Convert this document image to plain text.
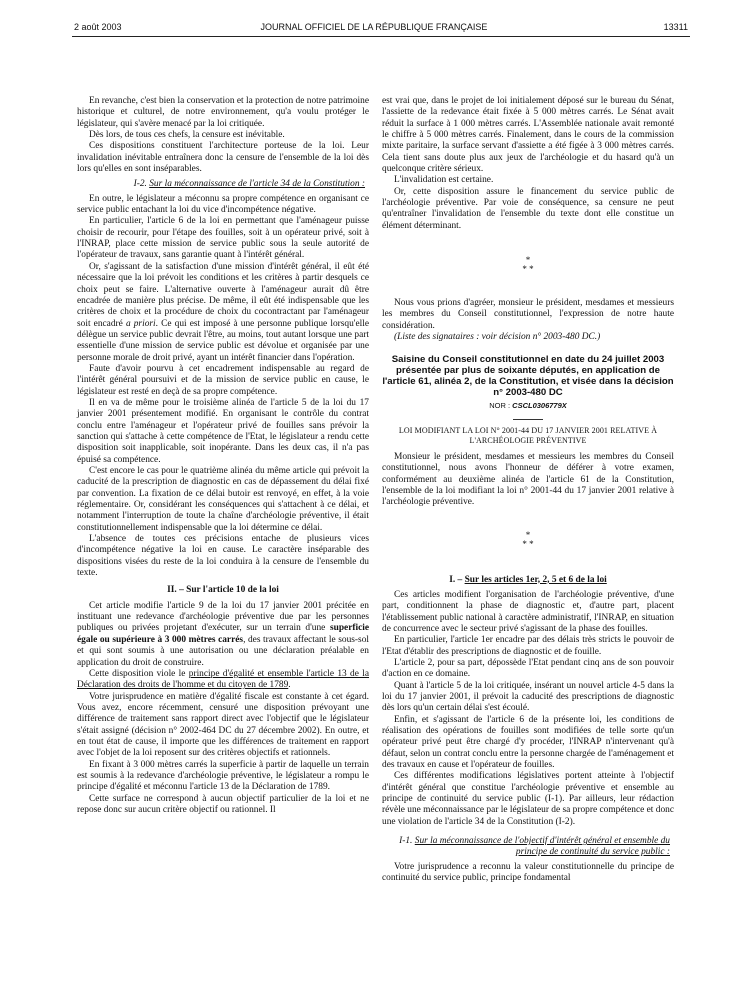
2 août 2003	JOURNAL OFFICIEL DE LA RÉPUBLIQUE FRANÇAISE	13311

En revanche, c'est bien la conservation et la protection de notre patrimoine historique et culturel, de notre environnement, qu'a voulu protéger le législateur, qui s'avère menacé par la loi critiquée.

Dès lors, de tous ces chefs, la censure est inévitable.

Ces dispositions constituent l'architecture porteuse de la loi. Leur invalidation inévitable entraînera donc la censure de l'ensemble de la loi dès lors qu'elles en sont inséparables.

I-2. Sur la méconnaissance de l'article 34 de la Constitution :

En outre, le législateur a méconnu sa propre compétence en organisant ce service public entachant la loi du vice d'incompétence négative.

En particulier, l'article 6 de la loi en permettant que l'aménageur puisse choisir de recourir, pour l'étape des fouilles, soit à un opérateur privé, soit à l'INRAP, place cette mission de service public sous la seule autorité de l'opérateur de travaux, sans garantie quant à l'intérêt général.

Or, s'agissant de la satisfaction d'une mission d'intérêt général, il eût été nécessaire que la loi prévoit les conditions et les critères à partir desquels ce choix peut se faire. L'alternative ouverte à l'aménageur aurait dû être encadrée de manière plus précise. De même, il eût été indispensable que les critères de choix et la procédure de choix du cocontractant par l'aménageur soit encadré a priori. Ce qui est imposé à une personne publique lorsqu'elle délègue un service public devrait l'être, au moins, tout autant lorsque une part essentielle d'une mission de service public est dévolue et organisée par une personne morale de droit privé, ayant un intérêt financier dans l'opération.

Faute d'avoir pourvu à cet encadrement indispensable au regard de l'intérêt général poursuivi et de la mission de service public en cause, le législateur est resté en deçà de sa propre compétence.

Il en va de même pour le troisième alinéa de l'article 5 de la loi du 17 janvier 2001 présentement modifié. En organisant le contrôle du contrat conclu entre l'aménageur et l'opérateur privé de fouilles sans prévoir la sanction qui s'attache à cette compétence de l'Etat, le législateur a rendu cette disposition soit inapplicable, soit inopérante. Dans les deux cas, il n'a pas épuisé sa compétence.

C'est encore le cas pour le quatrième alinéa du même article qui prévoit la caducité de la prescription de diagnostic en cas de dépassement du délai fixé par convention. La fixation de ce délai butoir est renvoyé, en effet, à la voie réglementaire. Or, considérant les conséquences qui s'attachent à ce délai, et notamment l'interruption de toute la chaîne d'archéologie préventive, il était constitutionnellement indispensable que la loi détermine ce délai.

L'absence de toutes ces précisions entache de plusieurs vices d'incompétence négative la loi en cause. Le caractère inséparable des dispositions visées du reste de la loi conduira à la censure de l'ensemble du texte.

II. – Sur l'article 10 de la loi

Cet article modifie l'article 9 de la loi du 17 janvier 2001 précitée en instituant une redevance d'archéologie préventive due par les personnes publiques ou privées projetant d'exécuter, sur un terrain d'une superficie égale ou supérieure à 3 000 mètres carrés, des travaux affectant le sous-sol et qui sont soumis à une autorisation ou une déclaration préalable en application du droit de construire.

Cette disposition viole le principe d'égalité et ensemble l'article 13 de la Déclaration des droits de l'homme et du citoyen de 1789.

Votre jurisprudence en matière d'égalité fiscale est constante à cet égard. Vous avez, encore récemment, censuré une disposition prévoyant une différence de traitement sans rapport direct avec l'objectif que le législateur s'était assigné (décision n° 2002-464 DC du 27 décembre 2002). En outre, et en tout état de cause, il importe que les différences de traitement en rapport avec l'objet de la loi reposent sur des critères objectifs et rationnels.

En fixant à 3 000 mètres carrés la superficie à partir de laquelle un terrain est soumis à la redevance d'archéologie préventive, le législateur a rompu le principe d'égalité et méconnu l'article 13 de la Déclaration de 1789.

Cette surface ne correspond à aucun objectif particulier de la loi et ne repose donc sur aucun critère objectif ou rationnel. Il

est vrai que, dans le projet de loi initialement déposé sur le bureau du Sénat, l'assiette de la redevance était fixée à 5 000 mètres carrés. Le Sénat avait réduit la surface à 1 000 mètres carrés. L'Assemblée nationale avait remonté le chiffre à 5 000 mètres carrés. Finalement, dans le cours de la commission mixte paritaire, la surface servant d'assiette a été figée à 3 000 mètres carrés. Cela tient sans doute plus aux jeux de l'archéologie et du hasard qu'à un quelconque critère sérieux.

L'invalidation est certaine.

Or, cette disposition assure le financement du service public de l'archéologie préventive. Par voie de conséquence, sa censure ne peut qu'entraîner l'invalidation de l'ensemble du texte dont elle constitue un élément déterminant.

*
* *

Nous vous prions d'agréer, monsieur le président, mesdames et messieurs les membres du Conseil constitutionnel, l'expression de notre haute considération.

(Liste des signataires : voir décision n° 2003-480 DC.)

Saisine du Conseil constitutionnel en date du 24 juillet 2003 présentée par plus de soixante députés, en application de l'article 61, alinéa 2, de la Constitution, et visée dans la décision n° 2003-480 DC
NOR : CSCL0306779X
LOI MODIFIANT LA LOI N° 2001-44 DU 17 JANVIER 2001 RELATIVE À L'ARCHÉOLOGIE PRÉVENTIVE

Monsieur le président, mesdames et messieurs les membres du Conseil constitutionnel, nous avons l'honneur de déférer à votre examen, conformément au deuxième alinéa de l'article 61 de la Constitution, l'ensemble de la loi modifiant la loi n° 2001-44 du 17 janvier 2001 relative à l'archéologie préventive.

*
* *
I. – Sur les articles 1er, 2, 5 et 6 de la loi

Ces articles modifient l'organisation de l'archéologie préventive, d'une part, conditionnent la phase de diagnostic et, d'autre part, placent l'établissement public national à caractère administratif, l'INRAP, en situation de concurrence avec le secteur privé s'agissant de la phase des fouilles.

En particulier, l'article 1er encadre par des délais très stricts le pouvoir de l'Etat d'établir des prescriptions de diagnostic et de fouille.

L'article 2, pour sa part, dépossède l'Etat pendant cinq ans de son pouvoir d'action en ce domaine.

Quant à l'article 5 de la loi critiquée, insérant un nouvel article 4-5 dans la loi du 17 janvier 2001, il prévoit la caducité des prescriptions de diagnostic dès lors qu'un certain délai s'est écoulé.

Enfin, et s'agissant de l'article 6 de la présente loi, les conditions de réalisation des opérations de fouilles sont modifiées de telle sorte qu'un opérateur privé peut être chargé d'y procéder, l'INRAP n'intervenant qu'à défaut, selon un contrat conclu entre la personne chargée de l'aménagement et des travaux en cause et l'opérateur de fouilles.

Ces différentes modifications législatives portent atteinte à l'objectif d'intérêt général que constitue l'archéologie préventive et ensemble au principe de continuité du service public (I-1). Par ailleurs, leur rédaction révèle une méconnaissance par le législateur de sa propre compétence et donc une violation de l'article 34 de la Constitution (I-2).

I-1. Sur la méconnaissance de l'objectif d'intérêt général et ensemble du principe de continuité du service public :

Votre jurisprudence a reconnu la valeur constitutionnelle du principe de continuité du service public, principe fondamental
